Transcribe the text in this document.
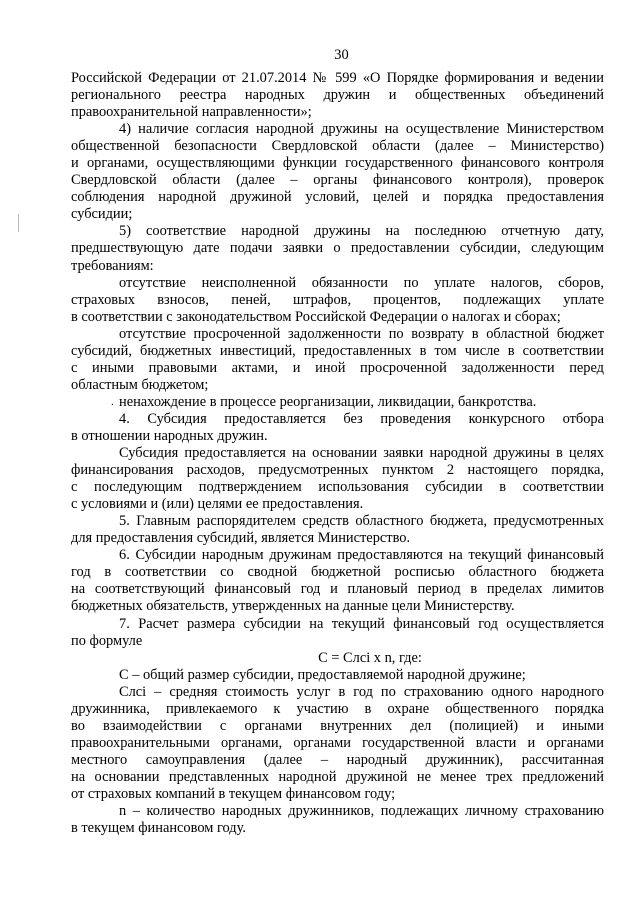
30
Российской Федерации от 21.07.2014 № 599 «О Порядке формирования и ведении
регионального реестра народных дружин и общественных объединений
правоохранительной направленности»;
4) наличие согласия народной дружины на осуществление Министерством
общественной безопасности Свердловской области (далее – Министерство)
и органами, осуществляющими функции государственного финансового контроля
Свердловской области (далее – органы финансового контроля), проверок
соблюдения народной дружиной условий, целей и порядка предоставления
субсидии;
5) соответствие народной дружины на последнюю отчетную дату,
предшествующую дате подачи заявки о предоставлении субсидии, следующим
требованиям:
отсутствие неисполненной обязанности по уплате налогов, сборов,
страховых взносов, пеней, штрафов, процентов, подлежащих уплате
в соответствии с законодательством Российской Федерации о налогах и сборах;
отсутствие просроченной задолженности по возврату в областной бюджет
субсидий, бюджетных инвестиций, предоставленных в том числе в соответствии
с иными правовыми актами, и иной просроченной задолженности перед
областным бюджетом;
. ненахождение в процессе реорганизации, ликвидации, банкротства.
4. Субсидия предоставляется без проведения конкурсного отбора
в отношении народных дружин.
Субсидия предоставляется на основании заявки народной дружины в целях
финансирования расходов, предусмотренных пунктом 2 настоящего порядка,
с последующим подтверждением использования субсидии в соответствии
с условиями и (или) целями ее предоставления.
5. Главным распорядителем средств областного бюджета, предусмотренных
для предоставления субсидий, является Министерство.
6. Субсидии народным дружинам предоставляются на текущий финансовый
год в соответствии со сводной бюджетной росписью областного бюджета
на соответствующий финансовый год и плановый период в пределах лимитов
бюджетных обязательств, утвержденных на данные цели Министерству.
7. Расчет размера субсидии на текущий финансовый год осуществляется
по формуле
С = Слсі х n, где:
С – общий размер субсидии, предоставляемой народной дружине;
Слсі – средняя стоимость услуг в год по страхованию одного народного
дружинника, привлекаемого к участию в охране общественного порядка
во взаимодействии с органами внутренних дел (полицией) и иными
правоохранительными органами, органами государственной власти и органами
местного самоуправления (далее – народный дружинник), рассчитанная
на основании представленных народной дружиной не менее трех предложений
от страховых компаний в текущем финансовом году;
n – количество народных дружинников, подлежащих личному страхованию
в текущем финансовом году.
